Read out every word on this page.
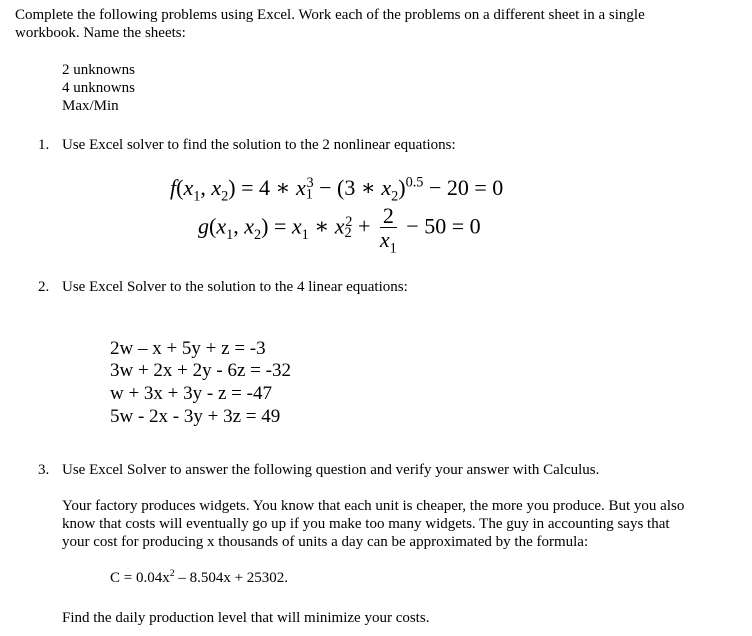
Complete the following problems using Excel. Work each of the problems on a different sheet in a single
workbook. Name the sheets:
2 unknowns
4 unknowns
Max/Min
1. Use Excel solver to find the solution to the 2 nonlinear equations:
$f(x_1$, $x_2) = 4$ ∗ $x_1^3 - (3$ ∗ $x_2)^{0.5} - 20 = 0$
$g(x_1$, $x_2) = x_1$ ∗ $x_2^2 + \frac{2}{x_1} - 50 = 0$
2. Use Excel Solver to the solution to the 4 linear equations:
2w – x + 5y + z = -3
3w + 2x + 2y - 6z = -32
w + 3x + 3y - z = -47
5w - 2x - 3y + 3z = 49
3. Use Excel Solver to answer the following question and verify your answer with Calculus.
Your factory produces widgets. You know that each unit is cheaper, the more you produce. But you also
know that costs will eventually go up if you make too many widgets. The guy in accounting says that
your cost for producing x thousands of units a day can be approximated by the formula:
$C = 0.04x^2 - 8.504x + 25302$.
Find the daily production level that will minimize your costs.
